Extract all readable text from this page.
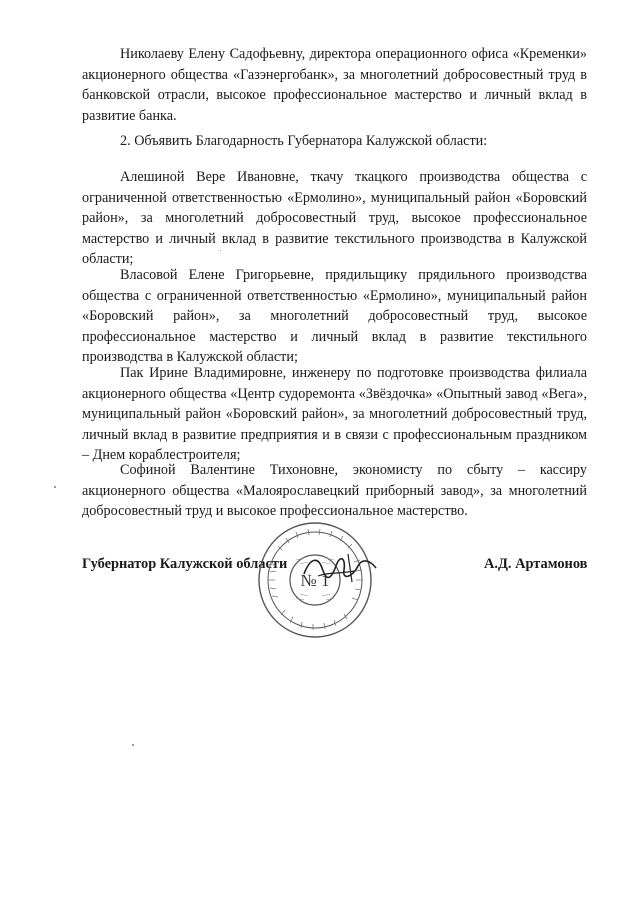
Николаеву Елену Садофьевну, директора операционного офиса «Кременки» акционерного общества «Газэнергобанк», за многолетний добросовестный труд в банковской отрасли, высокое профессиональное мастерство и личный вклад в развитие банка.

2. Объявить Благодарность Губернатора Калужской области:

Алешиной Вере Ивановне, ткачу ткацкого производства общества с ограниченной ответственностью «Ермолино», муниципальный район «Боровский район», за многолетний добросовестный труд, высокое профессиональное мастерство и личный вклад в развитие текстильного производства в Калужской области;

Власовой Елене Григорьевне, прядильщику прядильного производства общества с ограниченной ответственностью «Ермолино», муниципальный район «Боровский район», за многолетний добросовестный труд, высокое профессиональное мастерство и личный вклад в развитие текстильного производства в Калужской области;

Пак Ирине Владимировне, инженеру по подготовке производства филиала акционерного общества «Центр судоремонта «Звёздочка» «Опытный завод «Вега», муниципальный район «Боровский район», за многолетний добросовестный труд, личный вклад в развитие предприятия и в связи с профессиональным праздником – Днем кораблестроителя;

Софиной Валентине Тихоновне, экономисту по сбыту – кассиру акционерного общества «Малоярославецкий приборный завод», за многолетний добросовестный труд и высокое профессиональное мастерство.

Губернатор Калужской области
№ 1
А.Д. Артамонов
